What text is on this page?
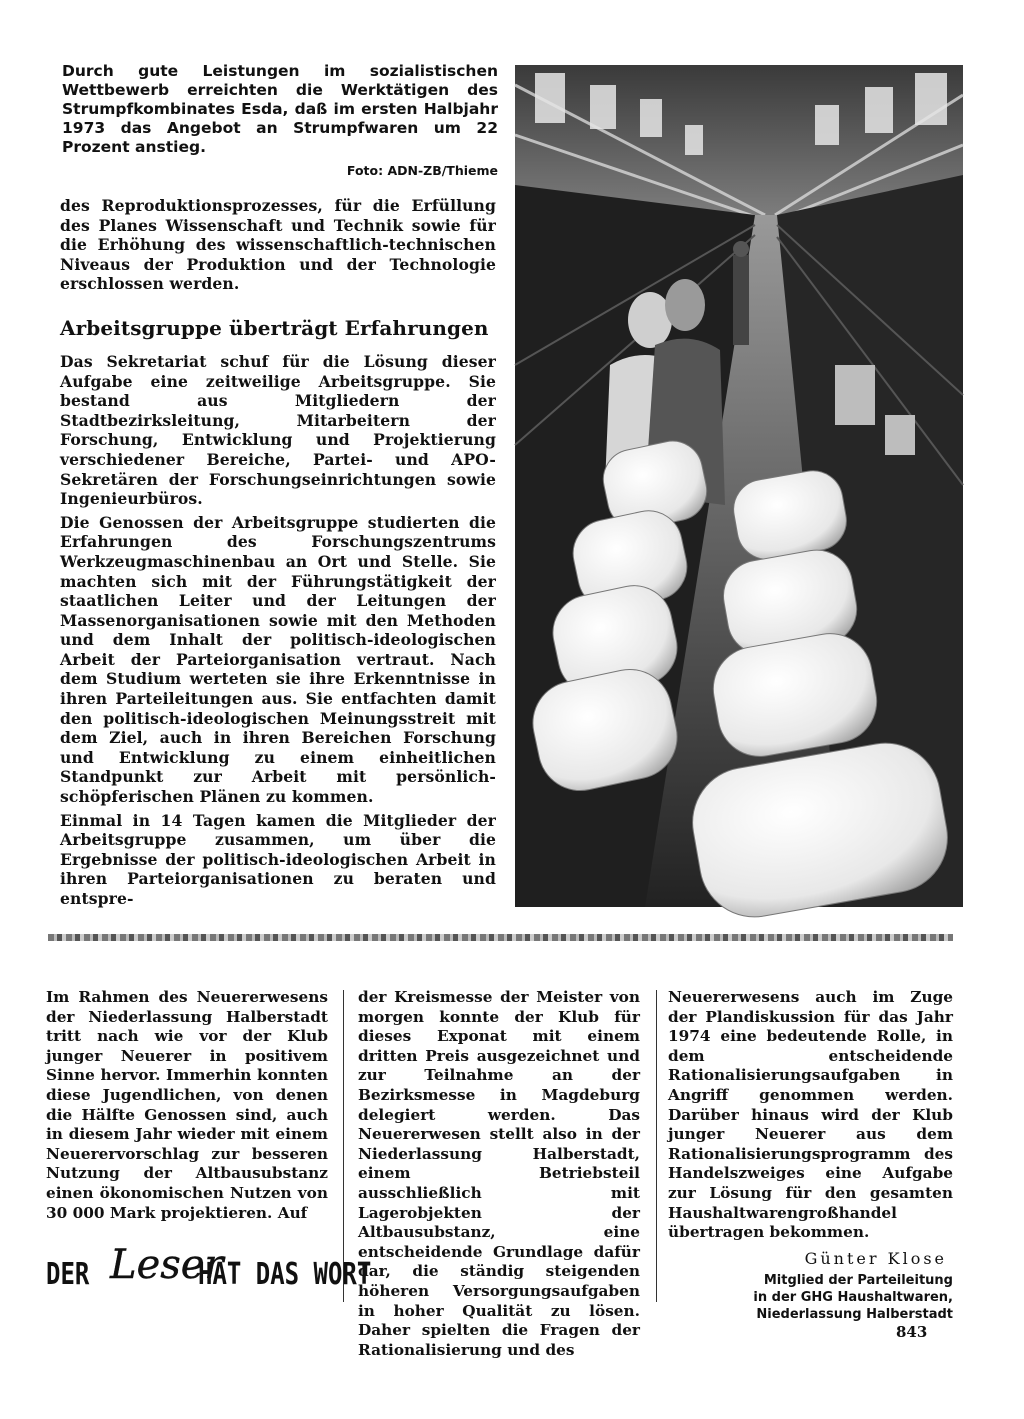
Durch gute Leistungen im sozialistischen Wettbewerb erreichten die Werktätigen des Strumpfkombinates Esda, daß im ersten Halbjahr 1973 das Angebot an Strumpfwaren um 22 Prozent anstieg.
Foto: ADN-ZB/Thieme

des Reproduktionsprozesses, für die Erfüllung des Planes Wissenschaft und Technik sowie für die Erhöhung des wissenschaftlich-technischen Niveaus der Produktion und der Technologie erschlossen werden.

Arbeitsgruppe überträgt Erfahrungen

Das Sekretariat schuf für die Lösung dieser Aufgabe eine zeitweilige Arbeitsgruppe. Sie bestand aus Mitgliedern der Stadtbezirksleitung, Mitarbeitern der Forschung, Entwicklung und Projektierung verschiedener Bereiche, Partei- und APO-Sekretären der Forschungseinrichtungen sowie Ingenieurbüros.

Die Genossen der Arbeitsgruppe studierten die Erfahrungen des Forschungszentrums Werkzeugmaschinenbau an Ort und Stelle. Sie machten sich mit der Führungstätigkeit der staatlichen Leiter und der Leitungen der Massenorganisationen sowie mit den Methoden und dem Inhalt der politisch-ideologischen Arbeit der Parteiorganisation vertraut. Nach dem Studium werteten sie ihre Erkenntnisse in ihren Parteileitungen aus. Sie entfachten damit den politisch-ideologischen Meinungsstreit mit dem Ziel, auch in ihren Bereichen Forschung und Entwicklung zu einem einheitlichen Standpunkt zur Arbeit mit persönlich-schöpferischen Plänen zu kommen.

Einmal in 14 Tagen kamen die Mitglieder der Arbeitsgruppe zusammen, um über die Ergebnisse der politisch-ideologischen Arbeit in ihren Parteiorganisationen zu beraten und entspre-

Im Rahmen des Neuererwesens der Niederlassung Halberstadt tritt nach wie vor der Klub junger Neuerer in positivem Sinne hervor. Immerhin konnten diese Jugendlichen, von denen die Hälfte Genossen sind, auch in diesem Jahr wieder mit einem Neuerervorschlag zur besseren Nutzung der Altbausubstanz einen ökonomischen Nutzen von 30 000 Mark projektieren. Auf

der Kreismesse der Meister von morgen konnte der Klub für dieses Exponat mit einem dritten Preis ausgezeichnet und zur Teilnahme an der Bezirksmesse in Magdeburg delegiert werden. Das Neuererwesen stellt also in der Niederlassung Halberstadt, einem Betriebsteil ausschließlich mit Lagerobjekten der Altbausubstanz, eine entscheidende Grundlage dafür dar, die ständig steigenden höheren Versorgungsaufgaben in hoher Qualität zu lösen. Daher spielten die Fragen der Rationalisierung und des

Neuererwesens auch im Zuge der Plandiskussion für das Jahr 1974 eine bedeutende Rolle, in dem entscheidende Rationalisierungsaufgaben in Angriff genommen werden. Darüber hinaus wird der Klub junger Neuerer aus dem Rationalisierungsprogramm des Handelszweiges eine Aufgabe zur Lösung für den gesamten Haushaltwarengroßhandel übertragen bekommen.

Günter Klose
Mitglied der Parteileitung
in der GHG Haushaltwaren,
Niederlassung Halberstadt
DER Leser
HAT DAS WORT
843
